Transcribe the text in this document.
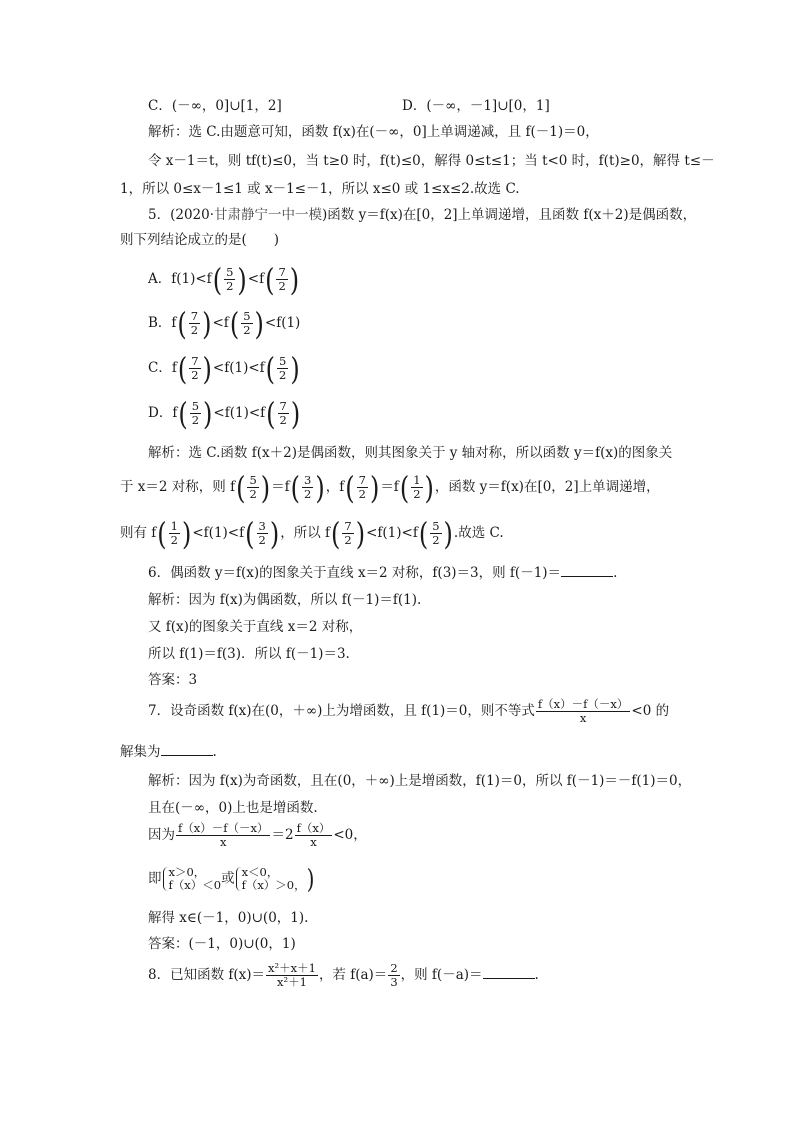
C．(－∞，0]∪[1，2]	D．(－∞，－1]∪[0，1]
解析：选 C.由题意可知，函数 f(x)在(－∞，0]上单调递减，且 f(－1)＝0，
令 x－1＝t，则 tf(t)≤0，当 t≥0 时，f(t)≤0，解得 0≤t≤1；当 t<0 时，f(t)≥0，解得 t≤－
1，所以 0≤x－1≤1 或 x－1≤－1，所以 x≤0 或 1≤x≤2.故选 C.
5．(2020·甘肃静宁一中一模)函数 y＝f(x)在[0，2]上单调递增，且函数 f(x＋2)是偶函数，
则下列结论成立的是(　　)
A．$f(1)<f( \frac{5}{2} )<f( \frac{7}{2}$ )
B．$f( \frac{7}{2} )<f( \frac{5}{2} )<f(1)$
C．$f( \frac{7}{2} )<f(1)<f( \frac{5}{2}$ )
D．$f( \frac{5}{2} )<f(1)<f( \frac{7}{2}$ )
解析：选 C.函数 f(x＋2)是偶函数，则其图象关于 y 轴对称，所以函数 y＝f(x)的图象关
于 x＝2 对称，则 $f( \frac{5}{2} )=f( \frac{3}{2}$ )，$f( \frac{7}{2} )=f( \frac{1}{2}$ )，函数 y＝f(x)在[0，2]上单调递增，
则有 $f( \frac{1}{2} )<f(1)<f( \frac{3}{2}$ )，所以 $f( \frac{7}{2} )<f(1)<f( \frac{5}{2}$ ).故选 C.
6．偶函数 y＝f(x)的图象关于直线 x＝2 对称，f(3)＝3，则 f(－1)＝	.
解析：因为 f(x)为偶函数，所以 f(－1)＝f(1).
又 f(x)的图象关于直线 x＝2 对称，
所以 f(1)＝f(3)．所以 f(－1)＝3.
答案：3
7．设奇函数 f(x)在(0，＋∞)上为增函数，且 f(1)＝0，则不等式 $\frac{f(x)-f(-x)}{x} <0$ 的
解集为	.
解析：因为 f(x)为奇函数，且在(0，＋∞)上是增函数，f(1)＝0，所以 f(－1)＝－f(1)＝0，
且在(－∞，0)上也是增函数.
因为 $\frac{f(x)-f(-x)}{x} =2 \frac{f(x)}{x} <0$，
即 x＞0，
f（x）＜0 或 x＜0，
f（x）＞0， )
解得 x∈(－1，0)∪(0，1).
答案：(－1，0)∪(0，1)
8．已知函数 $f(x)= \frac{\text{x²＋x＋1}}{\text{x²＋1}}$ ，若 $f(a)= \frac{2}{3}$ ，则 f(－a)＝	.
